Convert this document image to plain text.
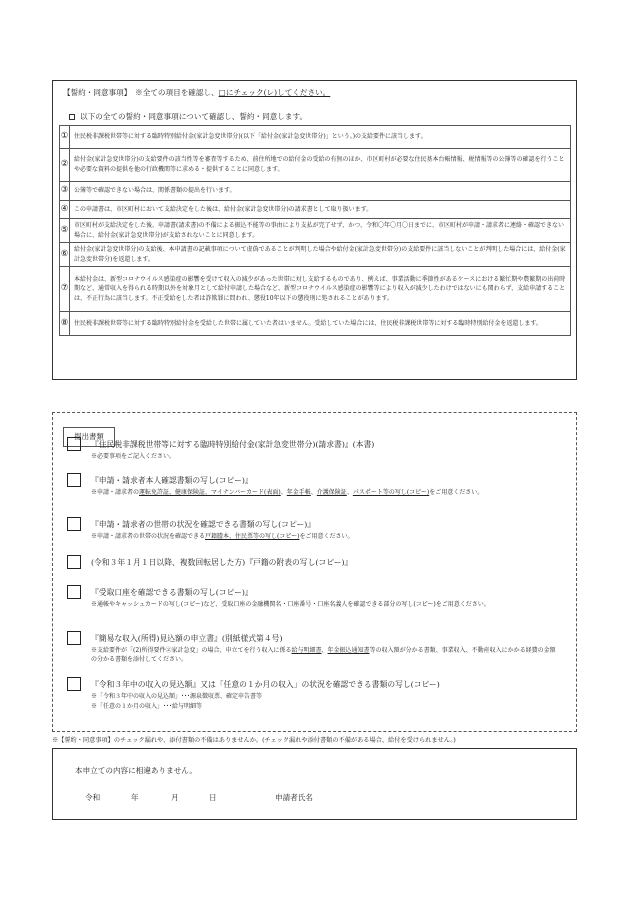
【誓約・同意事項】　※全ての項目を確認し、□にチェック(レ)してください。
以下の全ての誓約・同意事項について確認し、誓約・同意します。
①	住民税非課税世帯等に対する臨時特別給付金(家計急変世帯分)(以下「給付金(家計急変世帯分)」という。)の支給要件に該当します。
②	給付金(家計急変世帯分)の支給要件の該当性等を審査等するため、前住所地での給付金の受給の有無のほか、市区町村が必要な住民基本台帳情報、税情報等の公簿等の確認を行うことや必要な資料の提供を他の行政機関等に求める・提供することに同意します。
③	公簿等で確認できない場合は、関係書類の提出を行います。
④	この申請書は、市区町村において支給決定をした後は、給付金(家計急変世帯分)の請求書として取り扱います。
⑤	市区町村が支給決定をした後、申請書(請求書)の不備による振込不能等の事由により支払が完了せず、かつ、令和〇年〇月〇日までに、市区町村が申請・請求者に連絡・確認できない場合に、給付金(家計急変世帯分)が支給されないことに同意します。
⑥	給付金(家計急変世帯分)の支給後、本申請書の記載事項について虚偽であることが判明した場合や給付金(家計急変世帯分)の支給要件に該当しないことが判明した場合には、給付金(家計急変世帯分)を返還します。
⑦	本給付金は、新型コロナウイルス感染症の影響を受けて収入の減少があった世帯に対し支給するものであり、例えば、事業活動に季節性があるケースにおける繁忙期や農繁期の出荷時期など、通常収入を得られる時期以外を対象月として給付申請した場合など、新型コロナウイルス感染症の影響等により収入が減少したわけではないにも関わらず、支給申請することは、不正行為に該当します。不正受給をした者は詐欺罪に問われ、懲役10年以下の懲役刑に処されることがあります。
⑧	住民税非課税世帯等に対する臨時特別給付金を受給した世帯に属していた者はいません。受給していた場合には、住民税非課税世帯等に対する臨時特別給付金を返還します。
提出書類
『住民税非課税世帯等に対する臨時特別給付金(家計急変世帯分)(請求書)』(本書)
※必要事項をご記入ください。
『申請・請求者本人確認書類の写し(コピー)』
※申請・請求者の運転免許証、健康保険証、マイナンバーカード(表面)、年金手帳、介護保険証、パスポート等の写し(コピー)をご用意ください。
『申請・請求者の世帯の状況を確認できる書類の写し(コピー)』
※申請・請求者の世帯の状況を確認できる戸籍謄本、住民票等の写し(コピー)をご用意ください。
(令和３年１月１日以降、複数回転居した方)『戸籍の附表の写し(コピー)』
『受取口座を確認できる書類の写し(コピー)』
※通帳やキャッシュカードの写し(コピー)など、受取口座の金融機関名・口座番号・口座名義人を確認できる部分の写し(コピー)をご用意ください。
『簡易な収入(所得)見込額の申立書』(別紙様式第４号)
※支給要件が「(2)所得要件②家計急変」の場合、申立てを行う収入に係る給与明細書、年金振込通知書等の収入額が分かる書類、事業収入、不動産収入にかかる経費の金額の分かる書類を添付してください。
『令和３年中の収入の見込額』又は「任意の１か月の収入」の状況を確認できる書類の写し(コピー)
※「令和３年中の収入の見込額」･･･源泉徴収票、確定申告書等
※「任意の１か月の収入」･･･給与明細等
※【誓約・同意事項】のチェック漏れや、添付書類の不備はありませんか。(チェック漏れや添付書類の不備がある場合、給付を受けられません。)
本申立ての内容に相違ありません。
令和	年	月	日	申請者氏名
